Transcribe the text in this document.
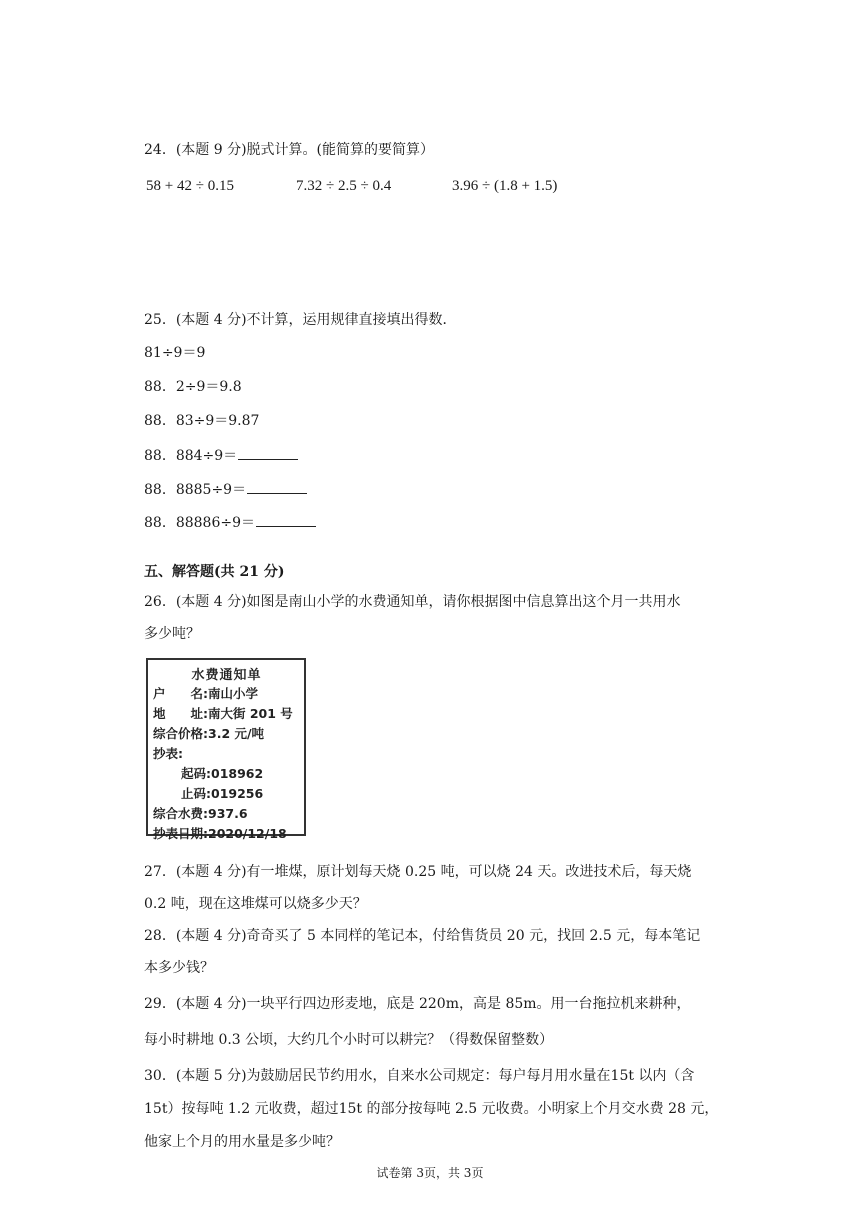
24．(本题 9 分)脱式计算。(能简算的要简算）
58 + 42 ÷ 0.15	7.32 ÷ 2.5 ÷ 0.4	3.96 ÷ (1.8 + 1.5)
25．(本题 4 分)不计算，运用规律直接填出得数．
81÷9＝9
88．2÷9＝9.8
88．83÷9＝9.87
88．884÷9＝
88．8885÷9＝
88．88886÷9＝
五、解答题(共 21 分)
26．(本题 4 分)如图是南山小学的水费通知单，请你根据图中信息算出这个月一共用水
多少吨？
水费通知单
户　　名:南山小学
地　　址:南大街 201 号
综合价格:3.2 元/吨
抄表:
起码:018962
止码:019256
综合水费:937.6
抄表日期:2020/12/18
27．(本题 4 分)有一堆煤，原计划每天烧 0.25 吨，可以烧 24 天。改进技术后，每天烧
0.2 吨，现在这堆煤可以烧多少天？
28．(本题 4 分)奇奇买了 5 本同样的笔记本，付给售货员 20 元，找回 2.5 元，每本笔记
本多少钱？
29．(本题 4 分)一块平行四边形麦地，底是 220m，高是 85m。用一台拖拉机来耕种，
每小时耕地 0.3 公顷，大约几个小时可以耕完？（得数保留整数）
30．(本题 5 分)为鼓励居民节约用水，自来水公司规定：每户每月用水量在15t 以内（含
15t）按每吨 1.2 元收费，超过15t 的部分按每吨 2.5 元收费。小明家上个月交水费 28 元，
他家上个月的用水量是多少吨？
试卷第 3页，共 3页
